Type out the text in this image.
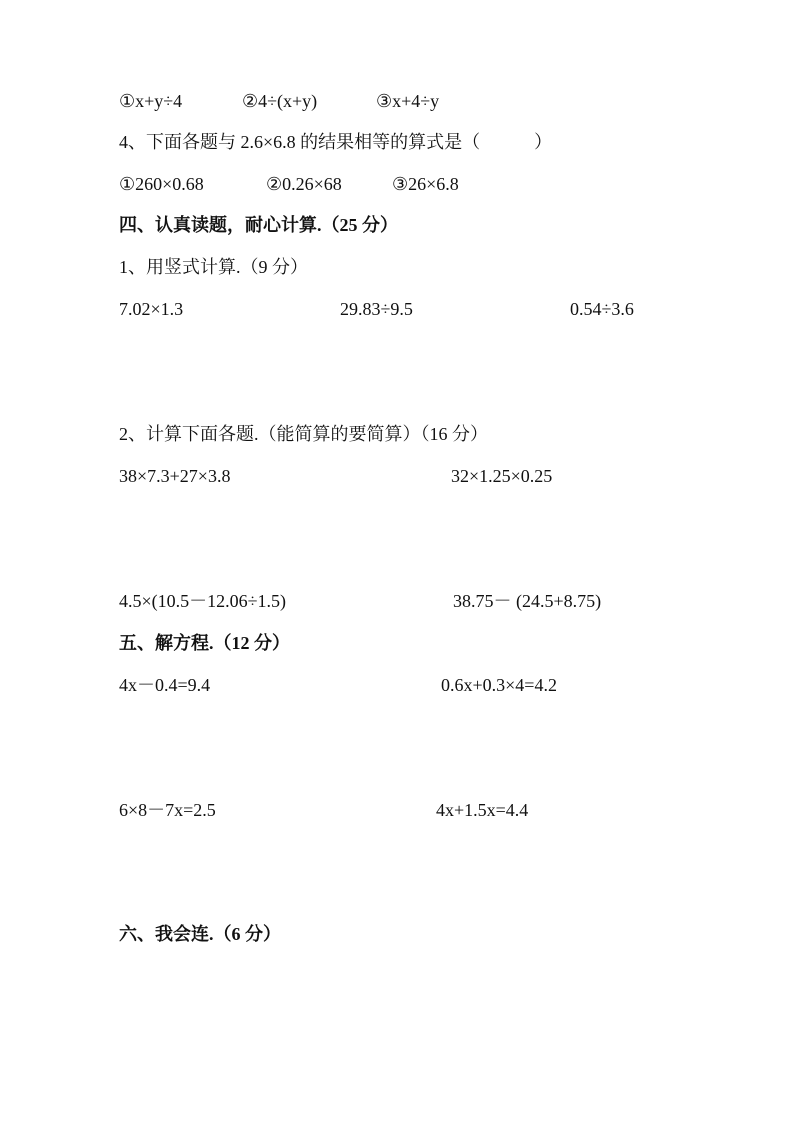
①x+y÷4	②4÷(x+y)	③x+4÷y
4、下面各题与 2.6×6.8 的结果相等的算式是（　　　）
①260×0.68	②0.26×68	③26×6.8
四、认真读题，耐心计算.（25 分）
1、用竖式计算.（9 分）
7.02×1.3	29.83÷9.5	0.54÷3.6
2、计算下面各题.（能简算的要简算）（16 分）
38×7.3+27×3.8	32×1.25×0.25
4.5×(10.5－12.06÷1.5)	38.75－ (24.5+8.75)
五、解方程.（12 分）
4x－0.4=9.4	0.6x+0.3×4=4.2
6×8－7x=2.5	4x+1.5x=4.4
六、我会连.（6 分）
